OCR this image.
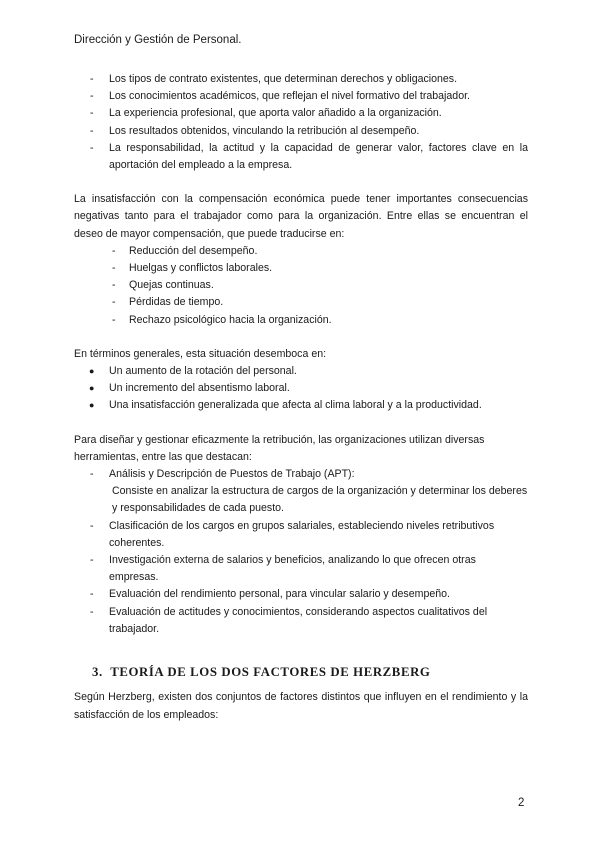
Dirección y Gestión de Personal.
- Los tipos de contrato existentes, que determinan derechos y obligaciones.
- Los conocimientos académicos, que reflejan el nivel formativo del trabajador.
- La experiencia profesional, que aporta valor añadido a la organización.
- Los resultados obtenidos, vinculando la retribución al desempeño.
- La responsabilidad, la actitud y la capacidad de generar valor, factores clave en la aportación del empleado a la empresa.

La insatisfacción con la compensación económica puede tener importantes consecuencias negativas tanto para el trabajador como para la organización. Entre ellas se encuentran el deseo de mayor compensación, que puede traducirse en:

- Reducción del desempeño.
- Huelgas y conflictos laborales.
- Quejas continuas.
- Pérdidas de tiempo.
- Rechazo psicológico hacia la organización.

En términos generales, esta situación desemboca en:

● Un aumento de la rotación del personal.
● Un incremento del absentismo laboral.
● Una insatisfacción generalizada que afecta al clima laboral y a la productividad.

Para diseñar y gestionar eficazmente la retribución, las organizaciones utilizan diversas herramientas, entre las que destacan:

- Análisis y Descripción de Puestos de Trabajo (APT):
Consiste en analizar la estructura de cargos de la organización y determinar los deberes y responsabilidades de cada puesto.
- Clasificación de los cargos en grupos salariales, estableciendo niveles retributivos coherentes.
- Investigación externa de salarios y beneficios, analizando lo que ofrecen otras empresas.
- Evaluación del rendimiento personal, para vincular salario y desempeño.
- Evaluación de actitudes y conocimientos, considerando aspectos cualitativos del trabajador.
3. TEORÍA DE LOS DOS FACTORES DE HERZBERG

Según Herzberg, existen dos conjuntos de factores distintos que influyen en el rendimiento y la satisfacción de los empleados:

2
